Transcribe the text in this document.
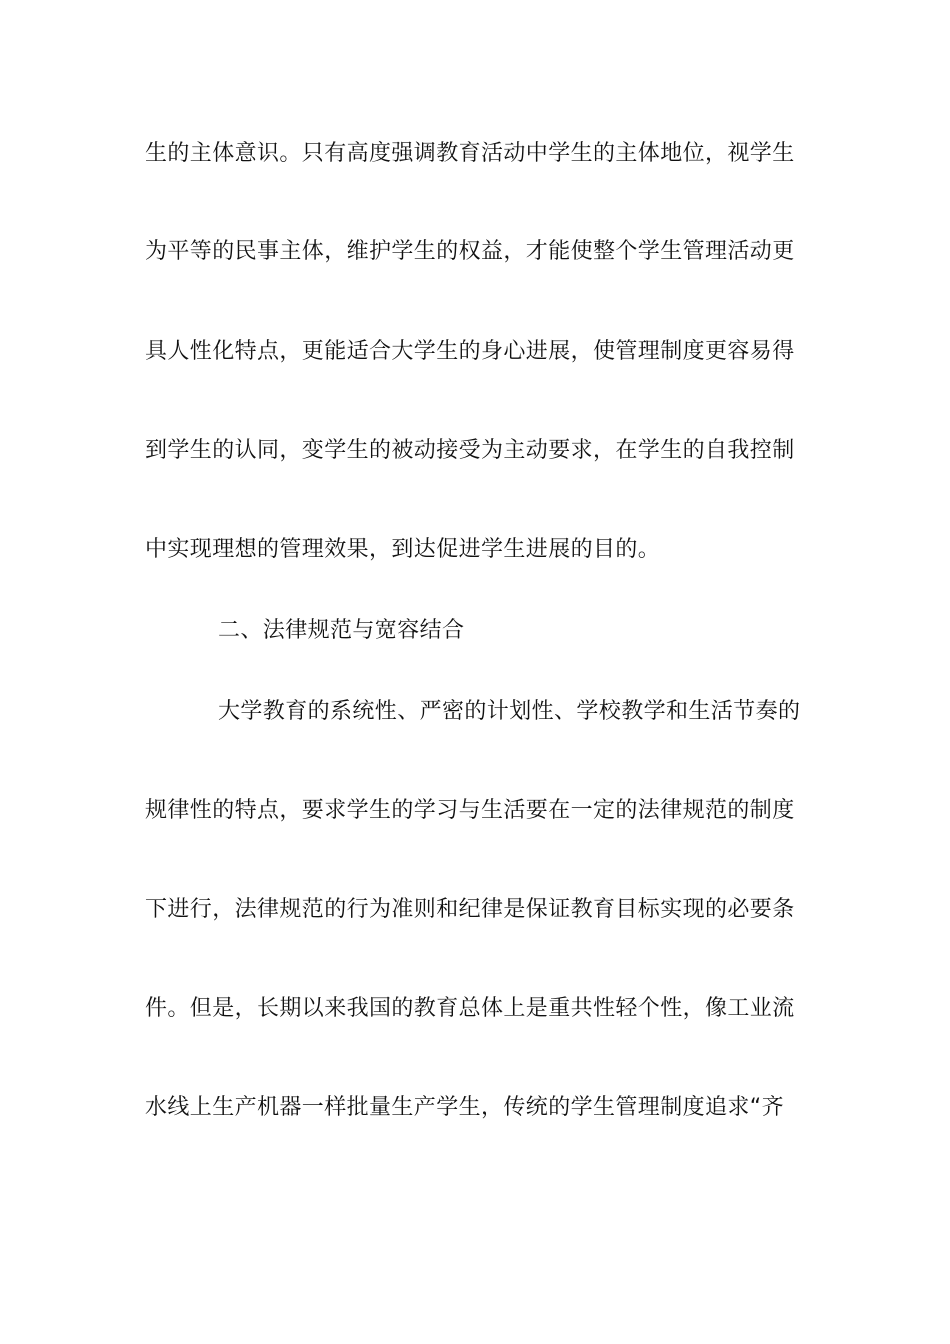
生的主体意识。只有高度强调教育活动中学生的主体地位，视学生
为平等的民事主体，维护学生的权益，才能使整个学生管理活动更
具人性化特点，更能适合大学生的身心进展，使管理制度更容易得
到学生的认同，变学生的被动接受为主动要求，在学生的自我控制
中实现理想的管理效果，到达促进学生进展的目的。
二、法律规范与宽容结合
大学教育的系统性、严密的计划性、学校教学和生活节奏的
规律性的特点，要求学生的学习与生活要在一定的法律规范的制度
下进行，法律规范的行为准则和纪律是保证教育目标实现的必要条
件。但是，长期以来我国的教育总体上是重共性轻个性，像工业流
水线上生产机器一样批量生产学生，传统的学生管理制度追求“齐
